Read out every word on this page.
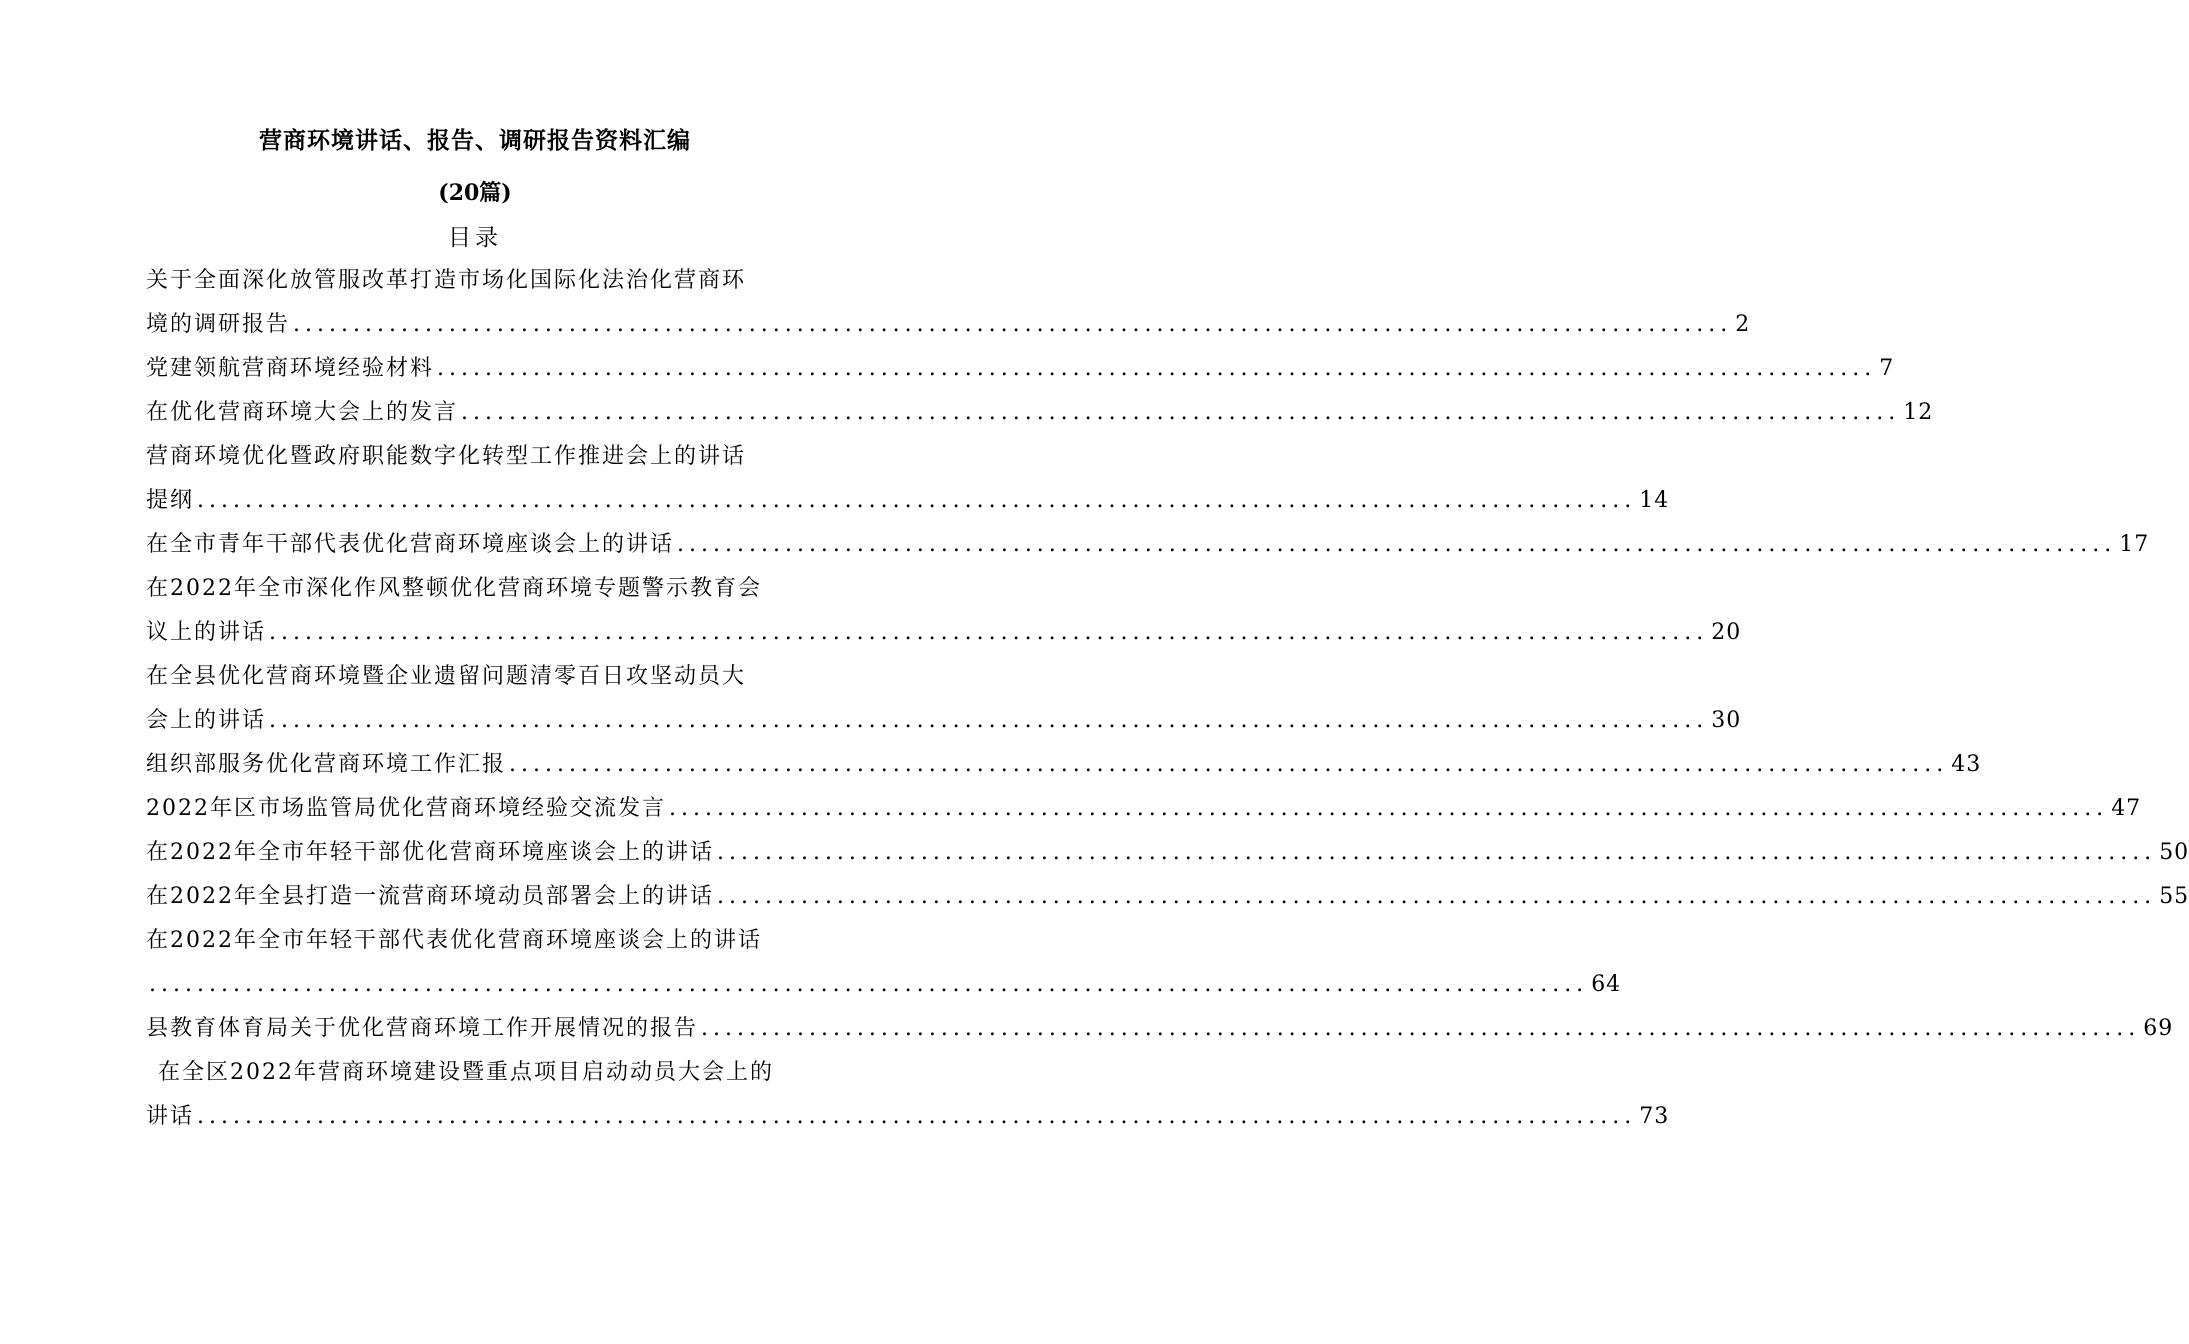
营商环境讲话、报告、调研报告资料汇编
(20篇)
目录
关于全面深化放管服改革打造市场化国际化法治化营商环
境的调研报告 ........................................................................................................................ 2
党建领航营商环境经验材料 ........................................................................................................................ 7
在优化营商环境大会上的发言 ........................................................................................................................ 12
营商环境优化暨政府职能数字化转型工作推进会上的讲话
提纲 ........................................................................................................................ 14
在全市青年干部代表优化营商环境座谈会上的讲话 ........................................................................................................................ 17
在2022年全市深化作风整顿优化营商环境专题警示教育会
议上的讲话 ........................................................................................................................ 20
在全县优化营商环境暨企业遗留问题清零百日攻坚动员大
会上的讲话 ........................................................................................................................ 30
组织部服务优化营商环境工作汇报 ........................................................................................................................ 43
2022年区市场监管局优化营商环境经验交流发言 ........................................................................................................................ 47
在2022年全市年轻干部优化营商环境座谈会上的讲话 ........................................................................................................................ 50
在2022年全县打造一流营商环境动员部署会上的讲话 ........................................................................................................................ 55
在2022年全市年轻干部代表优化营商环境座谈会上的讲话
........................................................................................................................ 64
县教育体育局关于优化营商环境工作开展情况的报告 ........................................................................................................................ 69
在全区2022年营商环境建设暨重点项目启动动员大会上的
讲话 ........................................................................................................................ 73
